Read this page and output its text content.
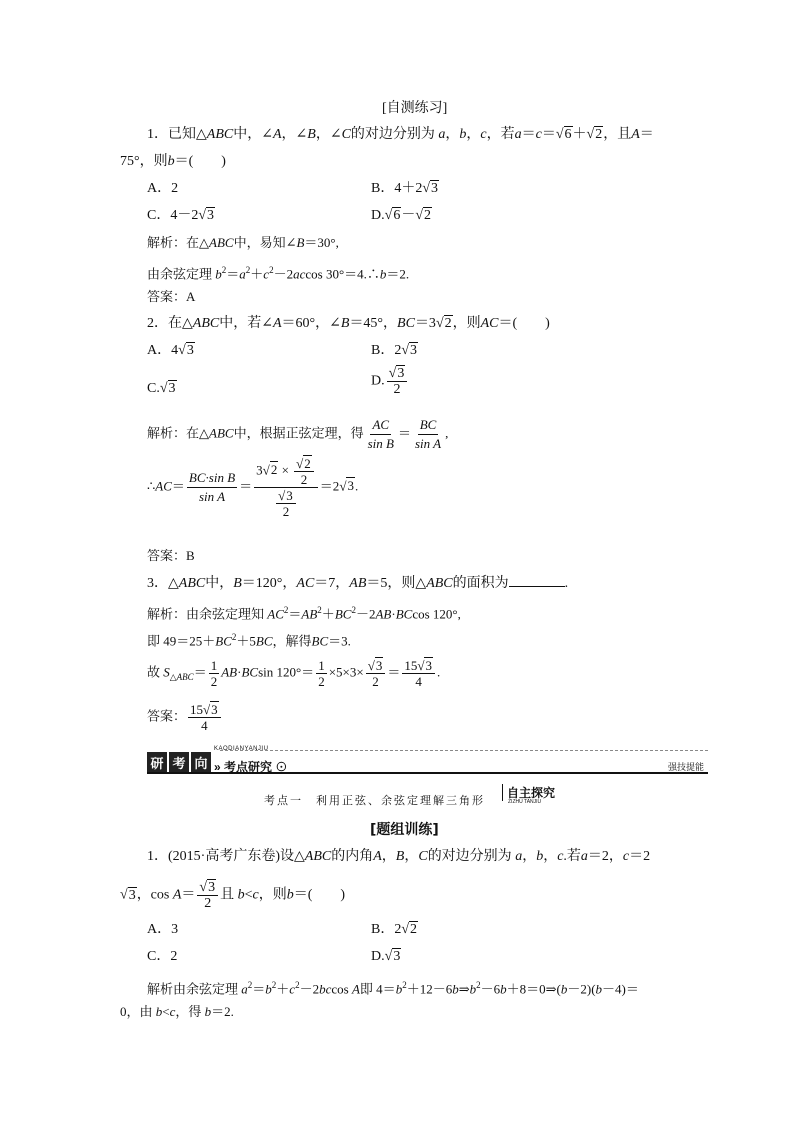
[自测练习]
1．已知△ABC中，∠A，∠B，∠C的对边分别为 a，b，c，若a＝c＝√6＋√2，且A＝
75°，则b＝(　　)
A．2	B．4＋2√3
C．4－2√3	D.√6－√2
解析：在△ABC中，易知∠B＝30°,
由余弦定理 $b^2=a^2+c^2-2accos$ 30°＝4.∴b＝2.
答案：A
2．在△ABC中，若∠A＝60°，∠B＝45°，BC＝3√2，则AC＝(　　)
A．4√3	B．2√3
C.√3	D. $\frac{√3}{2}$
解析：在△ABC中，根据正弦定理，得 $\frac{AC}{\text{sin B}} = \frac{BC}{\text{sin A}}$ ,
∴AC＝ $\frac{\text{BC·sin B}}{\text{sin A}} = \frac{3√2 \times \frac{√2}{2}}{\frac{√3}{2}} =2√3$.
答案：B
3．△ABC中，B＝120°，AC＝7，AB＝5，则△ABC的面积为	.
解析：由余弦定理知 $AC^2=AB^2+BC^2-2AB\cdot BCcos$ 120°,
即 $49=25+BC^2+5BC$，解得BC＝3.
故 $S_{\triangle ABC}= \frac{1}{2} AB\cdot BCsin$ $120^\circ= \frac{1}{2} \times 5\times 3\times \frac{√3}{2} = \frac{15√3}{4}$ .
答案： $\frac{15√3}{4}$
研 考 向
KAODIANYANJIU
» 考点研究 ⊙	强技提能
考点一　利用正弦、余弦定理解三角形
自主探究
ZIZHU TANJIU
[题组训练]
1．(2015·高考广东卷)设△ABC的内角A，B，C的对边分别为 a，b，c.若a＝2，c＝2
√3，$\cos A= \frac{√3}{2}$ 且 b<c，则b＝(　　)
A．3	B．2√2
C．2	D.√3
解析由余弦定理 $a^2=b^2+c^2-2bccos$ A即 $4=b^2+12-6b\Rightarrow b^2-6b+8=0\Rightarrow(b-2)(b-4)=$
0，由 b<c，得 b＝2.
